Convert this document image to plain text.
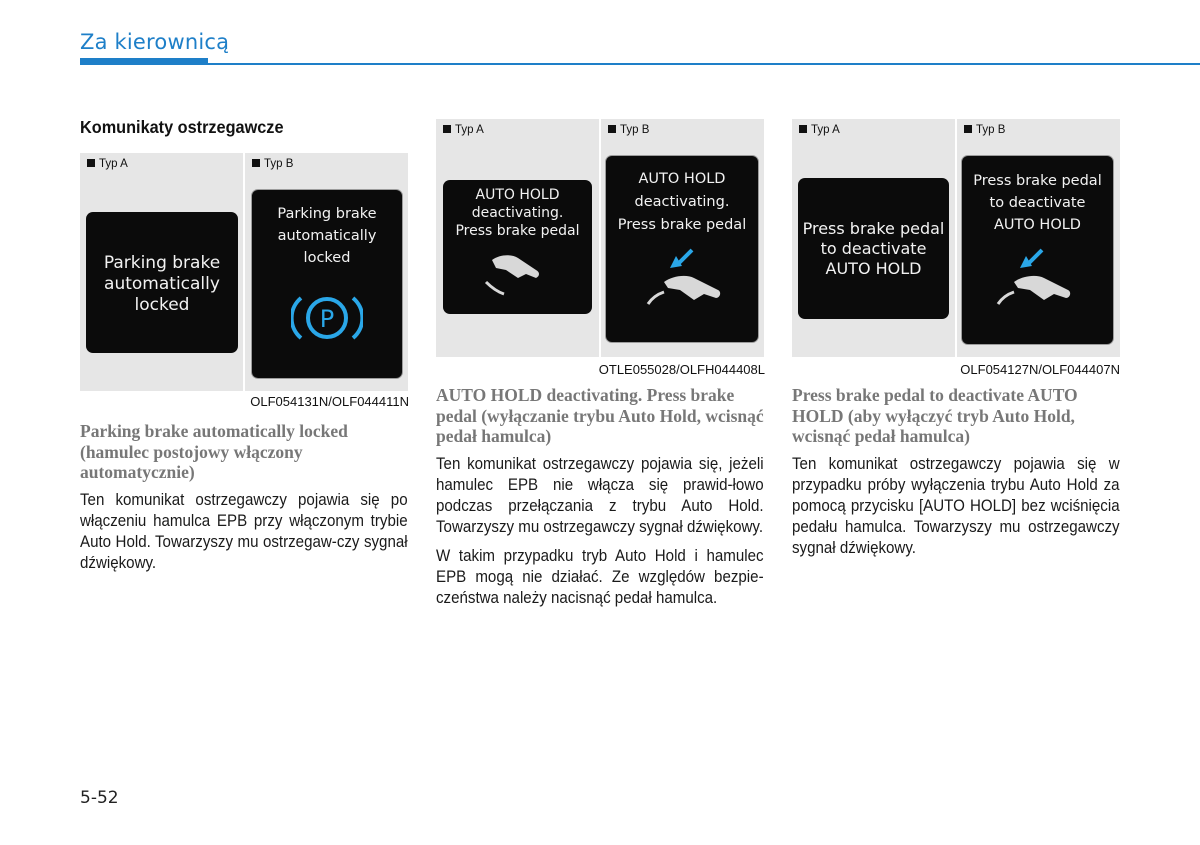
Za kierownicą
Komunikaty ostrzegawcze
Typ A
Parking brake
automatically
locked
Typ B
Parking brake
automatically
locked
P
OLF054131N/OLF044411N
Typ A
AUTO HOLD
deactivating.
Press brake pedal
Typ B
AUTO HOLD
deactivating.
Press brake pedal
OTLE055028/OLFH044408L
Typ A
Press brake pedal
to deactivate
AUTO HOLD
Typ B
Press brake pedal
to deactivate
AUTO HOLD
OLF054127N/OLF044407N
Parking brake automatically locked (hamulec postojowy włączony automatycznie)

Ten komunikat ostrzegawczy pojawia się po włączeniu hamulca EPB przy włączonym trybie Auto Hold. Towarzyszy mu ostrzegaw-czy sygnał dźwiękowy.

AUTO HOLD deactivating. Press brake pedal (wyłączanie trybu Auto Hold, wcisnąć pedał hamulca)

Ten komunikat ostrzegawczy pojawia się, jeżeli hamulec EPB nie włącza się prawid-łowo podczas przełączania z trybu Auto Hold. Towarzyszy mu ostrzegawczy sygnał dźwiękowy.

W takim przypadku tryb Auto Hold i hamulec EPB mogą nie działać. Ze względów bezpie-czeństwa należy nacisnąć pedał hamulca.

Press brake pedal to deactivate AUTO HOLD (aby wyłączyć tryb Auto Hold, wcisnąć pedał hamulca)

Ten komunikat ostrzegawczy pojawia się w przypadku próby wyłączenia trybu Auto Hold za pomocą przycisku [AUTO HOLD] bez wciśnięcia pedału hamulca. Towarzyszy mu ostrzegawczy sygnał dźwiękowy.

5-52
